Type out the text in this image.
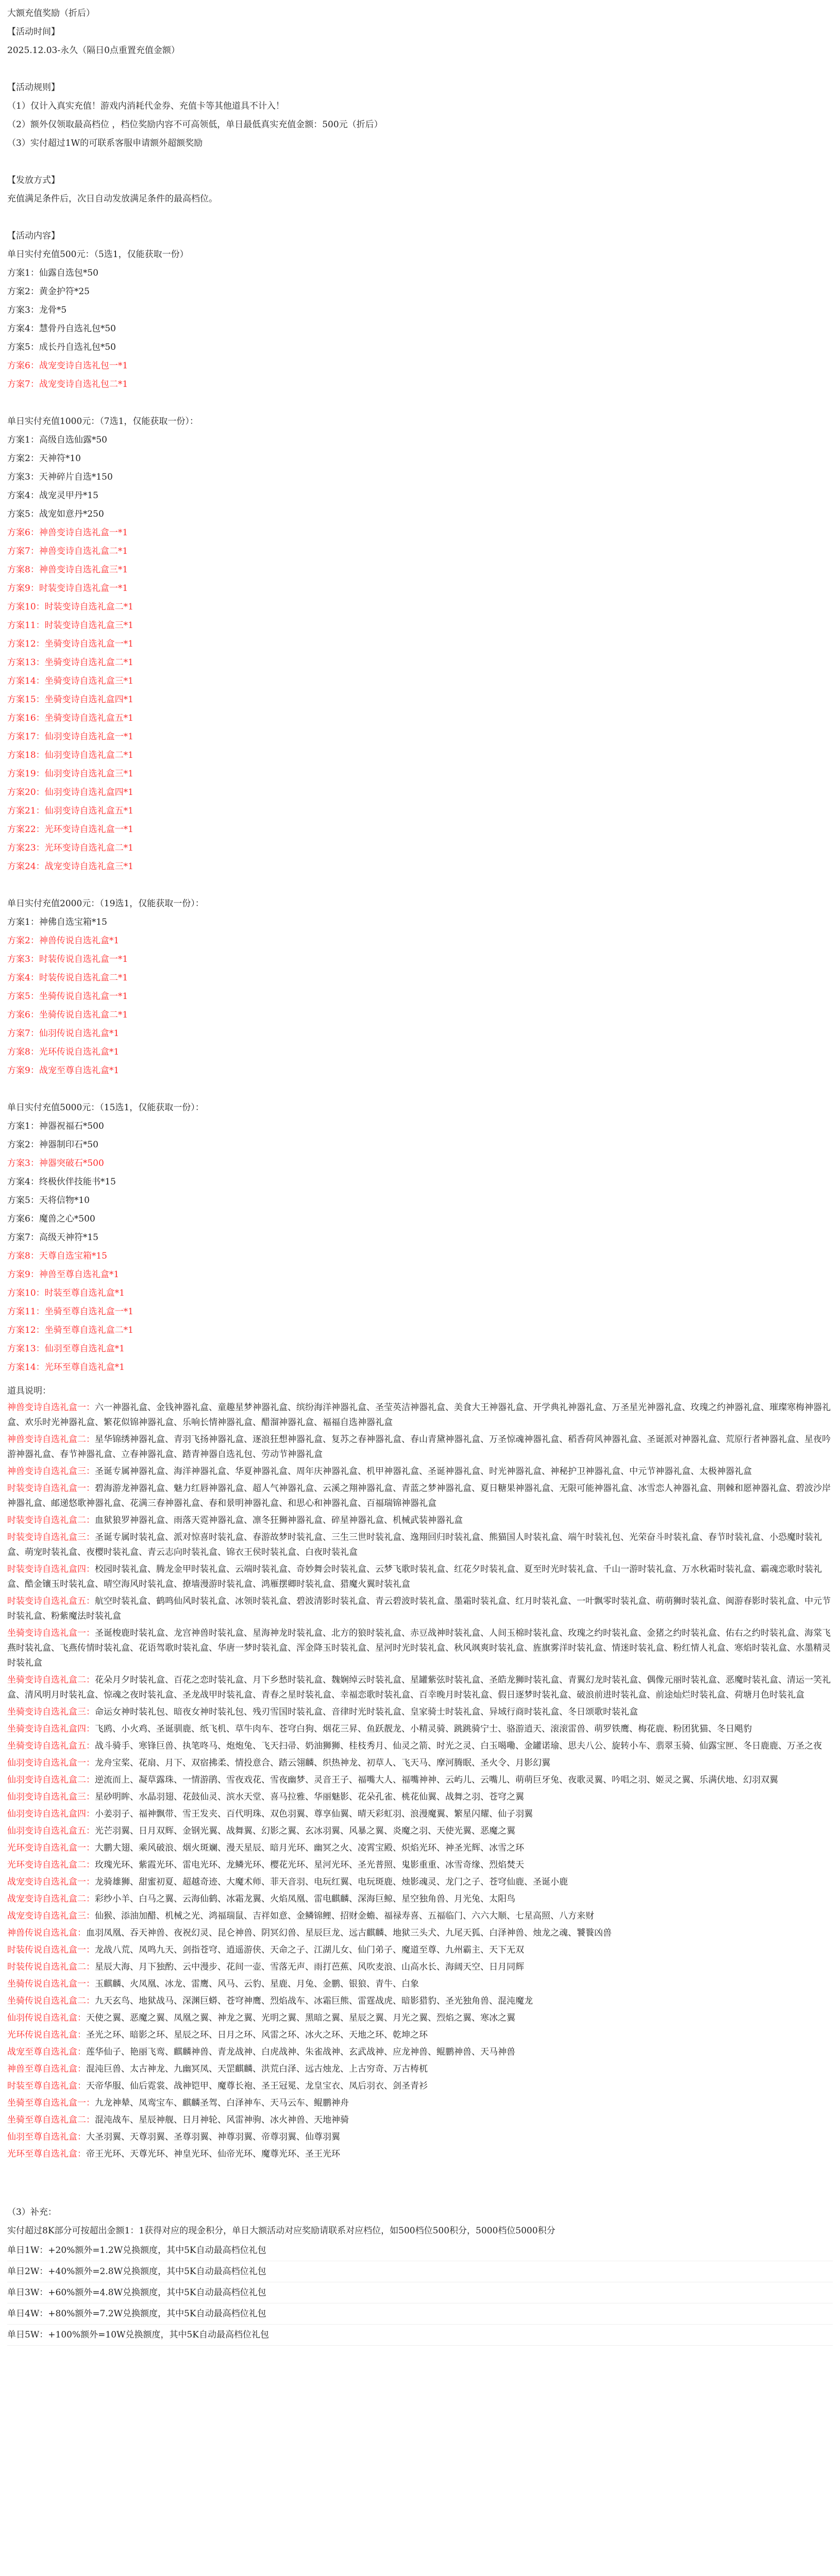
大额充值奖励（折后）
【活动时间】
2025.12.03-永久（隔日0点重置充值金额）
【活动规则】
（1）仅计入真实充值！游戏内消耗代金券、充值卡等其他道具不计入！
（2）额外仅领取最高档位 ，档位奖励内容不可高领低，单日最低真实充值金额：500元（折后）
（3）实付超过1W的可联系客服申请额外超额奖励
【发放方式】
充值满足条件后，次日自动发放满足条件的最高档位。
【活动内容】
单日实付充值500元：（5选1，仅能获取一份）
方案1：仙露自选包*50
方案2：黄金护符*25
方案3：龙骨*5
方案4：慧骨丹自选礼包*50
方案5：成长丹自选礼包*50
方案6：战宠变诗自选礼包一*1
方案7：战宠变诗自选礼包二*1
单日实付充值1000元：（7选1，仅能获取一份）：
方案1：高级自选仙露*50
方案2：天神符*10
方案3：天神碎片自选*150
方案4：战宠灵甲丹*15
方案5：战宠如意丹*250
方案6：神兽变诗自选礼盒一*1
方案7：神兽变诗自选礼盒二*1
方案8：神兽变诗自选礼盒三*1
方案9：时装变诗自选礼盒一*1
方案10：时装变诗自选礼盒二*1
方案11：时装变诗自选礼盒三*1
方案12：坐骑变诗自选礼盒一*1
方案13：坐骑变诗自选礼盒二*1
方案14：坐骑变诗自选礼盒三*1
方案15：坐骑变诗自选礼盒四*1
方案16：坐骑变诗自选礼盒五*1
方案17：仙羽变诗自选礼盒一*1
方案18：仙羽变诗自选礼盒二*1
方案19：仙羽变诗自选礼盒三*1
方案20：仙羽变诗自选礼盒四*1
方案21：仙羽变诗自选礼盒五*1
方案22：光环变诗自选礼盒一*1
方案23：光环变诗自选礼盒二*1
方案24：战宠变诗自选礼盒三*1
单日实付充值2000元：（19选1，仅能获取一份）：
方案1：神佛自选宝箱*15
方案2：神兽传说自选礼盒*1
方案3：时装传说自选礼盒一*1
方案4：时装传说自选礼盒二*1
方案5：坐骑传说自选礼盒一*1
方案6：坐骑传说自选礼盒二*1
方案7：仙羽传说自选礼盒*1
方案8：光环传说自选礼盒*1
方案9：战宠至尊自选礼盒*1
单日实付充值5000元：（15选1，仅能获取一份）：
方案1：神器祝福石*500
方案2：神器制印石*50
方案3：神器突破石*500
方案4：终极伙伴技能书*15
方案5：天将信物*10
方案6：魔兽之心*500
方案7：高级天神符*15
方案8：天尊自选宝箱*15
方案9：神兽至尊自选礼盒*1
方案10：时装至尊自选礼盒*1
方案11：坐骑至尊自选礼盒一*1
方案12：坐骑至尊自选礼盒二*1
方案13：仙羽至尊自选礼盒*1
方案14：光环至尊自选礼盒*1
道具说明：
神兽变诗自选礼盒一：六一神器礼盒、金钱神器礼盒、童趣星梦神器礼盒、缤纷海洋神器礼盒、圣莹英洁神器礼盒、美食大王神器礼盒、开学典礼神器礼盒、万圣星光神器礼盒、玫瑰之约神器礼盒、璀璨寒梅神器礼盒、欢乐时光神器礼盒、繁花似锦神器礼盒、乐响长情神器礼盒、醋溜神器礼盒、褔福自选神器礼盒
神兽变诗自选礼盒二：星华锦绣神器礼盒、青羽飞扬神器礼盒、逐浪狂想神器礼盒、复苏之春神器礼盒、春山青黛神器礼盒、万圣惊魂神器礼盒、稻香荷风神器礼盒、圣诞派对神器礼盒、荒原行者神器礼盒、星夜吟游神器礼盒、春节神器礼盒、立春神器礼盒、踏青神器自选礼包、劳动节神器礼盒
神兽变诗自选礼盒三：圣诞专属神器礼盒、海洋神器礼盒、华夏神器礼盒、周年庆神器礼盒、机甲神器礼盒、圣诞神器礼盒、时光神器礼盒、神秘护卫神器礼盒、中元节神器礼盒、太极神器礼盒
时装变诗自选礼盒一：碧海游龙神器礼盒、魅力红唇神器礼盒、超人气神器礼盒、云溪之翔神器礼盒、青蓝之梦神器礼盒、夏日糖果神器礼盒、无限可能神器礼盒、冰雪恋人神器礼盒、荆棘和愿神器礼盒、碧波沙岸神器礼盒、邮递悠歌神器礼盒、花满三春神器礼盒、春和景明神器礼盒、和思心和神器礼盒、百福瑞锦神器礼盒
时装变诗自选礼盒二：血狱狼罗神器礼盒、雨落天霓神器礼盒、凛冬狂狮神器礼盒、碎星神器礼盒、机械武装神器礼盒
时装变诗自选礼盒三：圣诞专属时装礼盒、派对惊喜时装礼盒、春游故梦时装礼盒、三生三世时装礼盒、逸翔回归时装礼盒、熊猫国人时装礼盒、端午时装礼包、光荣奋斗时装礼盒、春节时装礼盒、小恐魔时装礼盒、萌宠时装礼盒、夜樱时装礼盒、青云志向时装礼盒、锦衣王侯时装礼盒、白夜时装礼盒
时装变诗自选礼盒四：校园时装礼盒、腾龙金甲时装礼盒、云端时装礼盒、奇妙舞会时装礼盒、云梦飞歌时装礼盒、红花夕时装礼盒、夏至时光时装礼盒、千山一游时装礼盒、万水秋霜时装礼盒、霸魂恋歌时装礼盒、酷金镶玉时装礼盒、晴空海风时装礼盒、撩墙漫游时装礼盒、鸿雁摆卿时装礼盒、猎魔火翼时装礼盒
时装变诗自选礼盒五：航空时装礼盒、鹤鸣仙风时装礼盒、冰领时装礼盒、碧波清影时装礼盒、青云碧波时装礼盒、墨霜时装礼盒、红月时装礼盒、一叶飘零时装礼盒、萌萌狮时装礼盒、闽游春影时装礼盒、中元节时装礼盒、粉紫魔法时装礼盒
坐骑变诗自选礼盒一：圣诞梭鹿时装礼盒、龙宫神兽时装礼盒、星海神龙时装礼盒、北方的狼时装礼盒、赤豆战神时装礼盒、人间玉棉时装礼盒、玫瑰之约时装礼盒、金猪之约时装礼盒、佑右之约时装礼盒、海棠飞燕时装礼盒、飞燕传情时装礼盒、花语驾歌时装礼盒、华唐一梦时装礼盒、浑金降玉时装礼盒、星河时光时装礼盒、秋风飒爽时装礼盒、旌旗雾洋时装礼盒、情迷时装礼盒、粉红情人礼盒、寒焰时装礼盒、水墨精灵时装礼盒
坐骑变诗自选礼盒二：花朵月夕时装礼盒、百花之恋时装礼盒、月下乡愁时装礼盒、魏娴绰云时装礼盒、星罐紫弦时装礼盒、圣皓龙狮时装礼盒、青翼幻龙时装礼盒、偶像元丽时装礼盒、恶魔时装礼盒、清运一笑礼盒、清风明月时装礼盒、惊魂之夜时装礼盒、圣龙战甲时装礼盒、青春之星时装礼盒、幸福恋歌时装礼盒、百幸晚月时装礼盒、假日逐梦时装礼盒、破浪前进时装礼盒、前途灿烂时装礼盒、荷塘月色时装礼盒
坐骑变诗自选礼盒三：命运女神时装礼包、暗夜女神时装礼包、残刃雪国时装礼盒、音律时光时装礼盒、皇家骑士时装礼盒、异域行商时装礼盒、冬日颂歌时装礼盒
坐骑变诗自选礼盒四：飞鸥、小火鸡、圣诞驯鹿、纸飞机、草牛肉车、苍穹白狗、烟花三昇、鱼跃靓龙、小精灵骑、跳跳骑宁士、骆游逍天、滚滚雷兽、萌罗铁鹰、梅花鹿、粉团犹猫、冬日飓豹
坐骑变诗自选礼盒五：战斗骑手、寒锋巨兽、执笔咚马、炮炮兔、飞天扫帚、奶油狮狮、桂枝秀月、仙灵之箭、时光之灵、白玉噶嘞、金罐诺瑜、思夫八公、旋转小车、翡翠玉骑、仙露宝匣、冬日鹿鹿、万圣之夜
仙羽变诗自选礼盒一：龙舟宝桨、花扇、月下、双宿拂柔、情投意合、踏云翎麟、织热神龙、初草人、飞天马、摩河腾眠、圣火令、月影幻翼
仙羽变诗自选礼盒二：逆流而上、凝草露珠、一情游鹃、雪夜戏花、雪夜幽梦、灵音王子、福嘴大人、福嘴神神、云屿儿、云嘴儿、萌萌巨牙兔、夜歌灵翼、吟唱之羽、姬灵之翼、乐满伏地、幻羽双翼
仙羽变诗自选礼盒三：星砂明眸、水晶羽翅、花鼓仙灵、滨水天堂、喜马拉雅、华丽魅影、花朵孔雀、桃花仙翼、战舞之羽、苍穹之翼
仙羽变诗自选礼盒四：小姜羽子、福神飘带、雪王发夹、百代明珠、双色羽翼、尊享仙翼、晴天彩虹羽、浪漫魔翼、繁星闪耀、仙子羽翼
仙羽变诗自选礼盒五：光芒羽翼、日月双辉、金钢光翼、战舞翼、幻影之翼、玄冰羽翼、风暴之翼、炎魔之羽、天使光翼、恶魔之翼
光环变诗自选礼盒一：大鹏大翅、乘风破浪、烟火斑斓、漫天星辰、暗月光环、幽冥之火、凌霄宝殿、炽焰光环、神圣光辉、冰雪之环
光环变诗自选礼盒二：玫瑰光环、紫霞光环、雷电光环、龙鳞光环、樱花光环、星河光环、圣光普照、鬼影重重、冰雪奇缘、烈焰焚天
战宠变诗自选礼盒一：龙骑雄狮、甜蜜初夏、超越奇迹、大魔术师、菲天音羽、电玩红翼、电玩斑鹿、烛影魂灵、龙门之子、苍穹仙鹿、圣诞小鹿
战宠变诗自选礼盒二：彩纱小羊、白马之翼、云海仙鹤、冰霜龙翼、火焰凤凰、雷电麒麟、深海巨鲸、星空独角兽、月光兔、太阳鸟
战宠变诗自选礼盒三：仙猴、添油加醋、机械之光、鸿福瑞鼠、吉祥如意、金鳞锦鲤、招财金蟾、福禄寿喜、五福临门、六六大顺、七星高照、八方来财
神兽传说自选礼盒：血羽凤凰、吞天神兽、夜祝幻灵、昆仑神兽、阴冥幻兽、星辰巨龙、远古麒麟、地狱三头犬、九尾天狐、白泽神兽、烛龙之魂、饕餮凶兽
时装传说自选礼盒一：龙战八荒、凤鸣九天、剑指苍穹、逍遥游侠、天命之子、江湖儿女、仙门弟子、魔道至尊、九州霸主、天下无双
时装传说自选礼盒二：星辰大海、月下独酌、云中漫步、花间一壶、雪落无声、雨打芭蕉、风吹麦浪、山高水长、海阔天空、日月同辉
坐骑传说自选礼盒一：玉麒麟、火凤凰、冰龙、雷鹰、风马、云豹、星鹿、月兔、金鹏、银狼、青牛、白象
坐骑传说自选礼盒二：九天玄鸟、地狱战马、深渊巨蟒、苍穹神鹰、烈焰战车、冰霜巨熊、雷霆战虎、暗影猎豹、圣光独角兽、混沌魔龙
仙羽传说自选礼盒：天使之翼、恶魔之翼、凤凰之翼、神龙之翼、光明之翼、黑暗之翼、星辰之翼、月光之翼、烈焰之翼、寒冰之翼
光环传说自选礼盒：圣光之环、暗影之环、星辰之环、日月之环、风雷之环、冰火之环、天地之环、乾坤之环
战宠至尊自选礼盒：莲华仙子、艳丽飞鸾、麒麟神兽、青龙战神、白虎战神、朱雀战神、玄武战神、应龙神兽、鲲鹏神兽、天马神兽
神兽至尊自选礼盒：混沌巨兽、太古神龙、九幽冥凤、天罡麒麟、洪荒白泽、远古烛龙、上古穷奇、万古梼杌
时装至尊自选礼盒：天帝华服、仙后霓裳、战神铠甲、魔尊长袍、圣王冠冕、龙皇宝衣、凤后羽衣、剑圣青衫
坐骑至尊自选礼盒一：九龙神辇、凤鸾宝车、麒麟圣驾、白泽神车、天马云车、鲲鹏神舟
坐骑至尊自选礼盒二：混沌战车、星辰神舰、日月神轮、风雷神驹、冰火神兽、天地神骑
仙羽至尊自选礼盒：大圣羽翼、天尊羽翼、圣尊羽翼、神尊羽翼、帝尊羽翼、仙尊羽翼
光环至尊自选礼盒：帝王光环、天尊光环、神皇光环、仙帝光环、魔尊光环、圣王光环
（3）补充：
实付超过8K部分可按超出金额1：1获得对应的现金积分，单日大额活动对应奖励请联系对应档位，如500档位500积分，5000档位5000积分
单日1W：+20%额外=1.2W兑换额度，其中5K自动最高档位礼包
单日2W：+40%额外=2.8W兑换额度，其中5K自动最高档位礼包
单日3W：+60%额外=4.8W兑换额度，其中5K自动最高档位礼包
单日4W：+80%额外=7.2W兑换额度，其中5K自动最高档位礼包
单日5W：+100%额外=10W兑换额度，其中5K自动最高档位礼包
